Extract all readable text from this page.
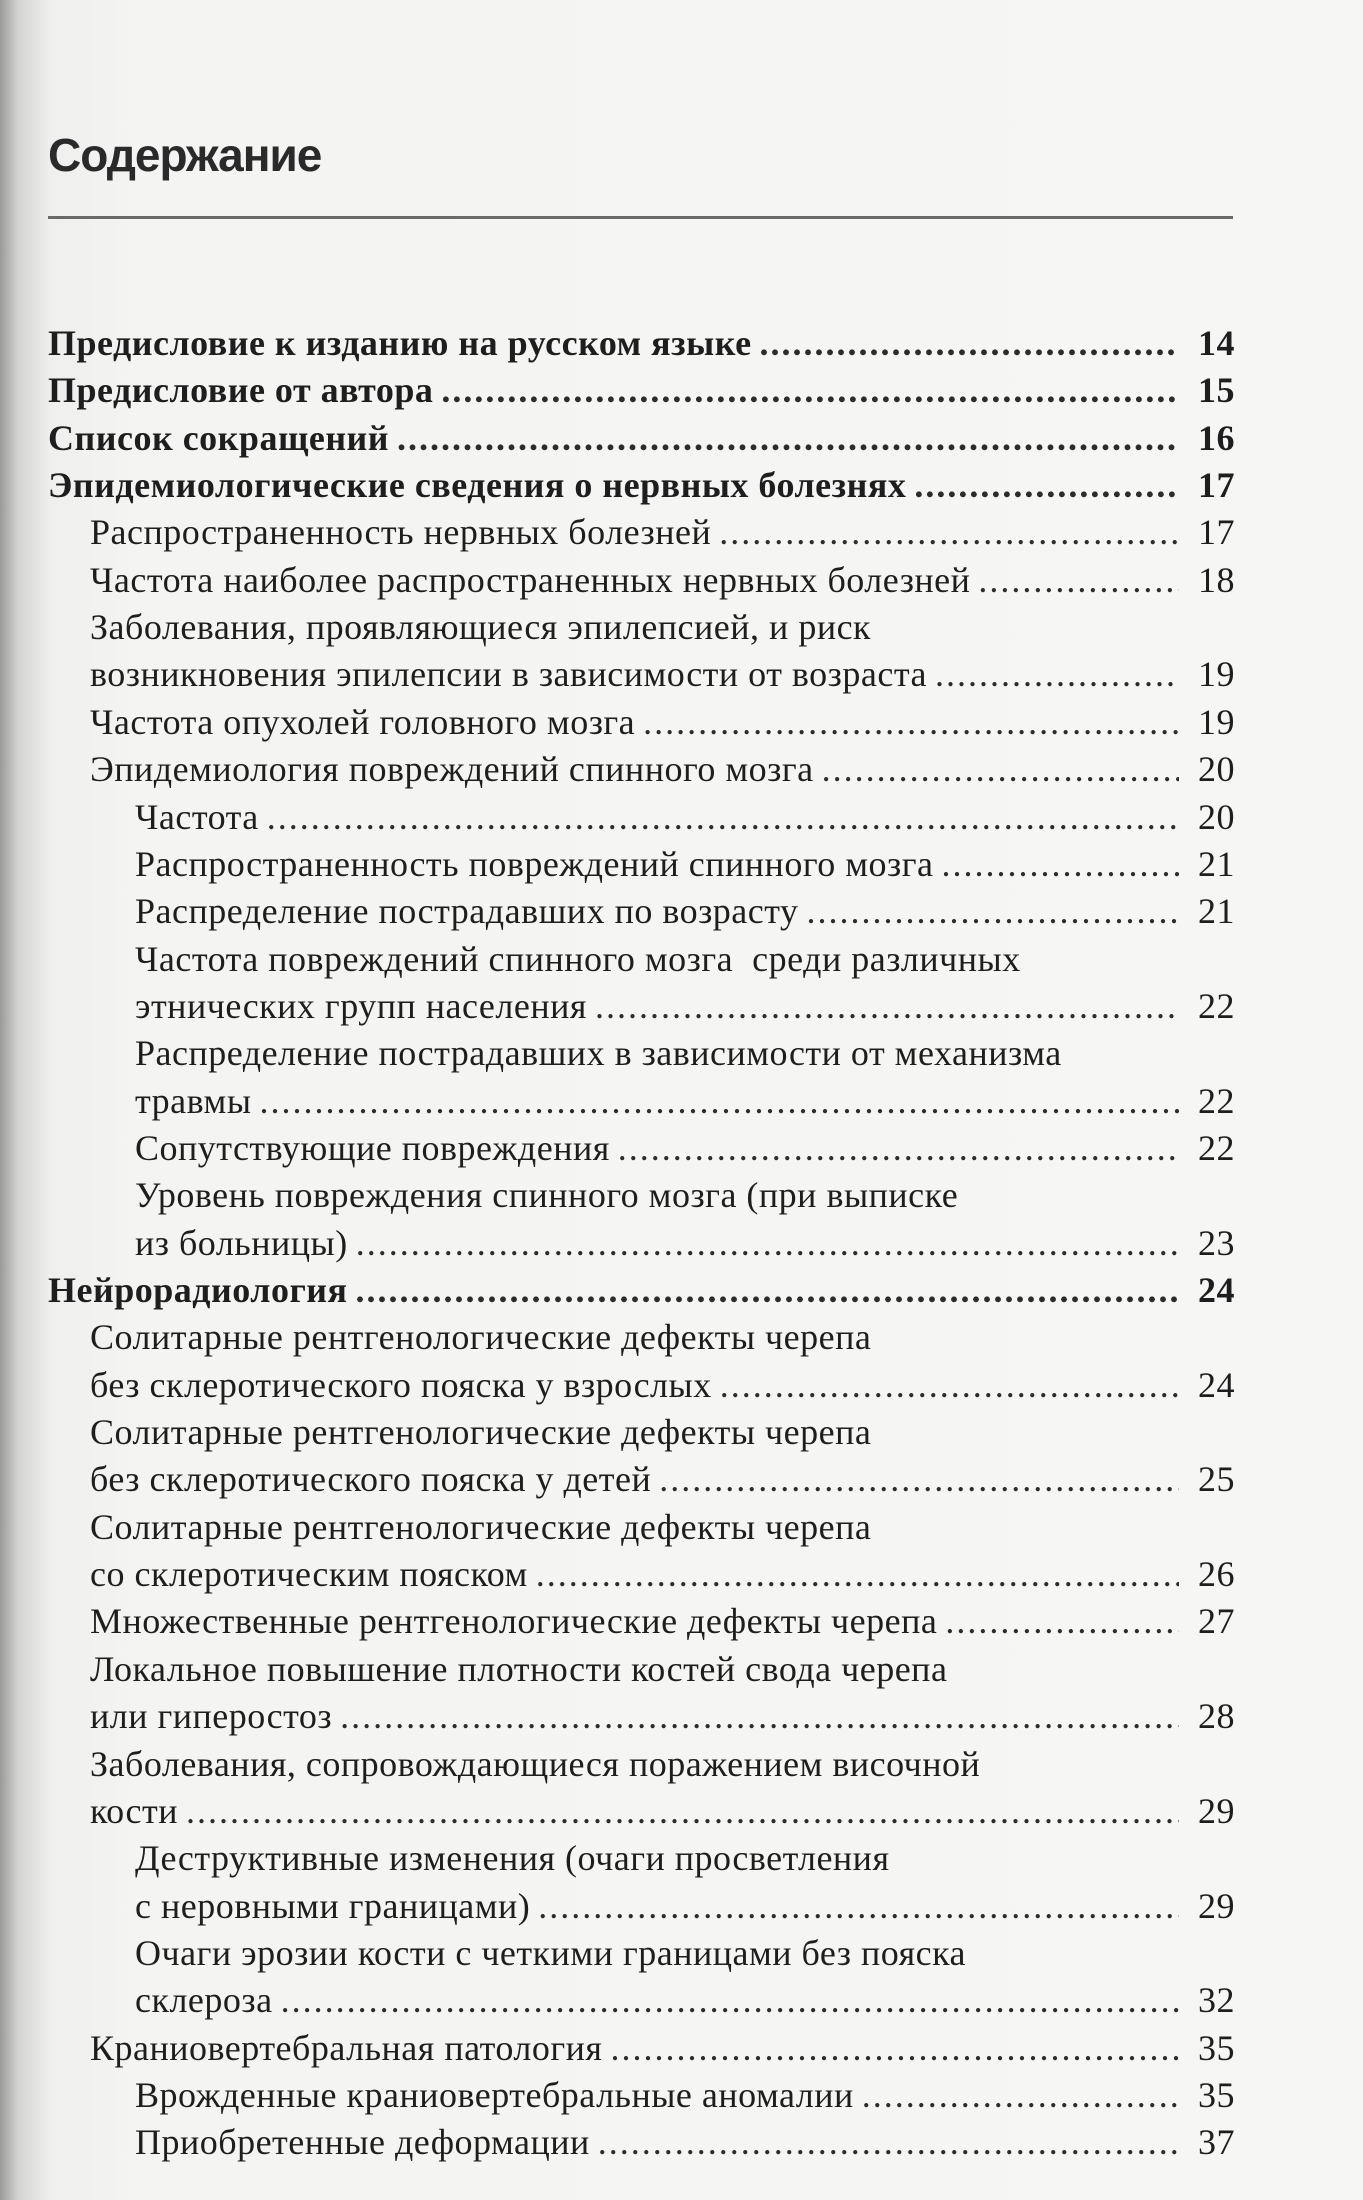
Содержание
Предисловие к изданию на русском языке .....	14
Предисловие от автора .....	15
Список сокращений .....	16
Эпидемиологические сведения о нервных болезнях .....	17
Распространенность нервных болезней .....	17
Частота наиболее распространенных нервных болезней .....	18
Заболевания, проявляющиеся эпилепсией, и риск
возникновения эпилепсии в зависимости от возраста .....	19
Частота опухолей головного мозга .....	19
Эпидемиология повреждений спинного мозга .....	20
Частота .....	20
Распространенность повреждений спинного мозга .....	21
Распределение пострадавших по возрасту .....	21
Частота повреждений спинного мозга  среди различных
этнических групп населения .....	22
Распределение пострадавших в зависимости от механизма
травмы .....	22
Сопутствующие повреждения .....	22
Уровень повреждения спинного мозга (при выписке
из больницы) .....	23
Нейрорадиология .....	24
Солитарные рентгенологические дефекты черепа
без склеротического пояска у взрослых .....	24
Солитарные рентгенологические дефекты черепа
без склеротического пояска у детей .....	25
Солитарные рентгенологические дефекты черепа
со склеротическим пояском .....	26
Множественные рентгенологические дефекты черепа .....	27
Локальное повышение плотности костей свода черепа
или гиперостоз .....	28
Заболевания, сопровождающиеся поражением височной
кости .....	29
Деструктивные изменения (очаги просветления
с неровными границами) .....	29
Очаги эрозии кости с четкими границами без пояска
склероза .....	32
Краниовертебральная патология .....	35
Врожденные краниовертебральные аномалии .....	35
Приобретенные деформации .....	37
